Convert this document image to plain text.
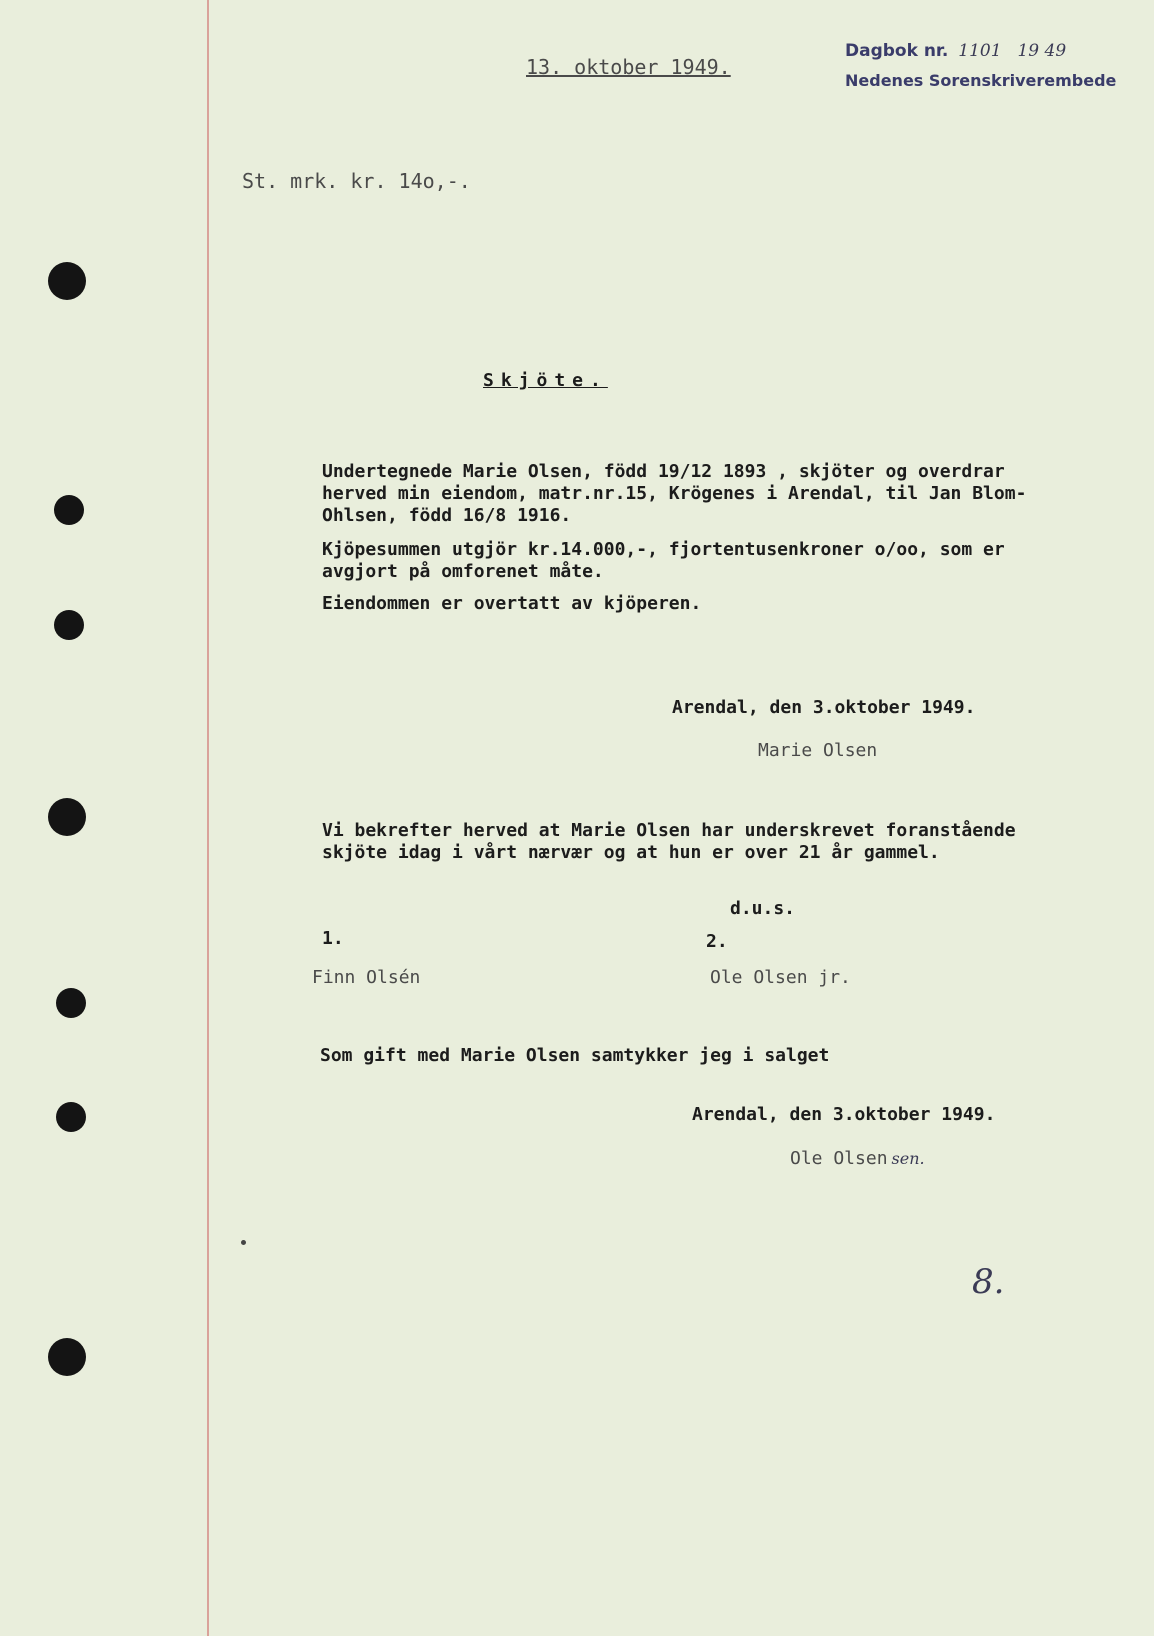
13. oktober 1949.
Dagbok nr. 1101 19 49
Nedenes Sorenskriverembede
St. mrk. kr. 14o,-.
Skjöte.
Undertegnede Marie Olsen, född 19/12 1893 , skjöter og overdrar
herved min eiendom, matr.nr.15, Krögenes i Arendal, til Jan Blom-
Ohlsen, född 16/8 1916.
Kjöpesummen utgjör kr.14.000,-, fjortentusenkroner o/oo, som er
avgjort på omforenet måte.
Eiendommen er overtatt av kjöperen.
Arendal, den 3.oktober 1949.
Marie Olsen
Vi bekrefter herved at Marie Olsen har underskrevet foranstående
skjöte idag i vårt nærvær og at hun er over 21 år gammel.
d.u.s.
1.	2.
Finn Olsén	Ole Olsen jr.
Som gift med Marie Olsen samtykker jeg i salget
Arendal, den 3.oktober 1949.
Ole Olsen sen.
8.
